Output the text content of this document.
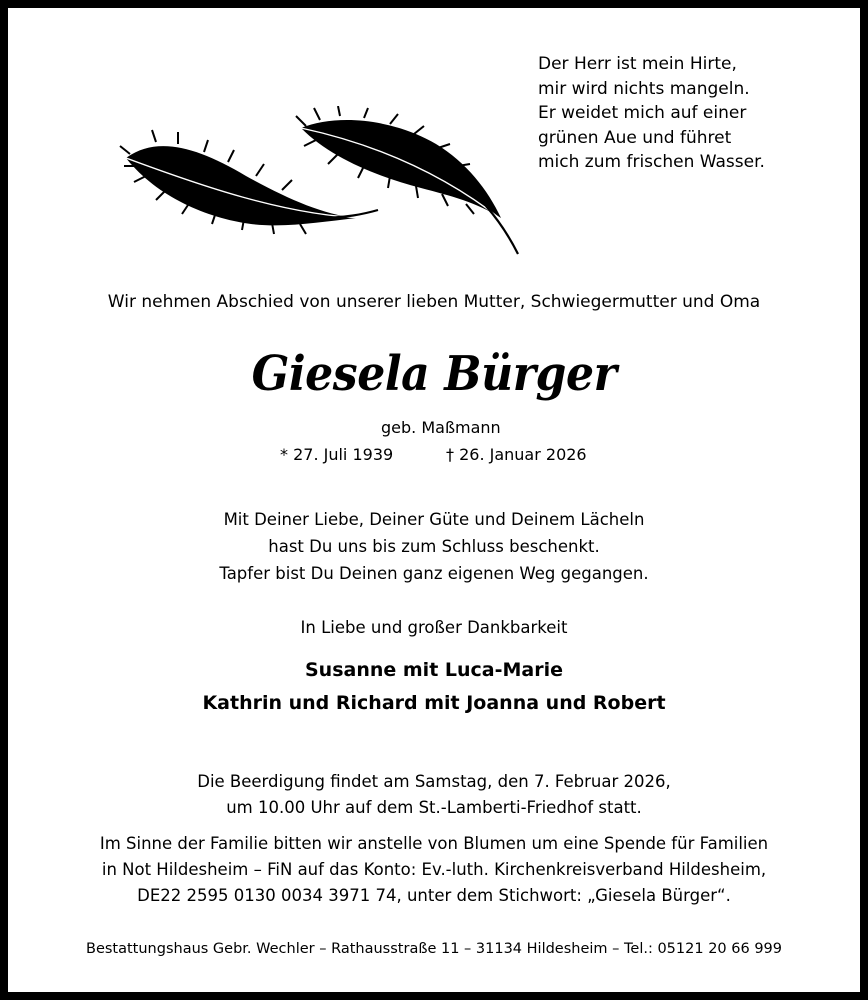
Der Herr ist mein Hirte,
mir wird nichts mangeln.
Er weidet mich auf einer
grünen Aue und führet
mich zum frischen Wasser.
Wir nehmen Abschied von unserer lieben Mutter, Schwiegermutter und Oma
Giesela Bürger
geb. Maßmann
* 27. Juli 1939	† 26. Januar 2026
Mit Deiner Liebe, Deiner Güte und Deinem Lächeln
hast Du uns bis zum Schluss beschenkt.
Tapfer bist Du Deinen ganz eigenen Weg gegangen.
In Liebe und großer Dankbarkeit
Susanne mit Luca-Marie
Kathrin und Richard mit Joanna und Robert
Die Beerdigung findet am Samstag, den 7. Februar 2026,
um 10.00 Uhr auf dem St.-Lamberti-Friedhof statt.
Im Sinne der Familie bitten wir anstelle von Blumen um eine Spende für Familien
in Not Hildesheim – FiN auf das Konto: Ev.-luth. Kirchenkreisverband Hildesheim,
DE22 2595 0130 0034 3971 74, unter dem Stichwort: „Giesela Bürger“.
Bestattungshaus Gebr. Wechler – Rathausstraße 11 – 31134 Hildesheim – Tel.: 05121 20 66 999
